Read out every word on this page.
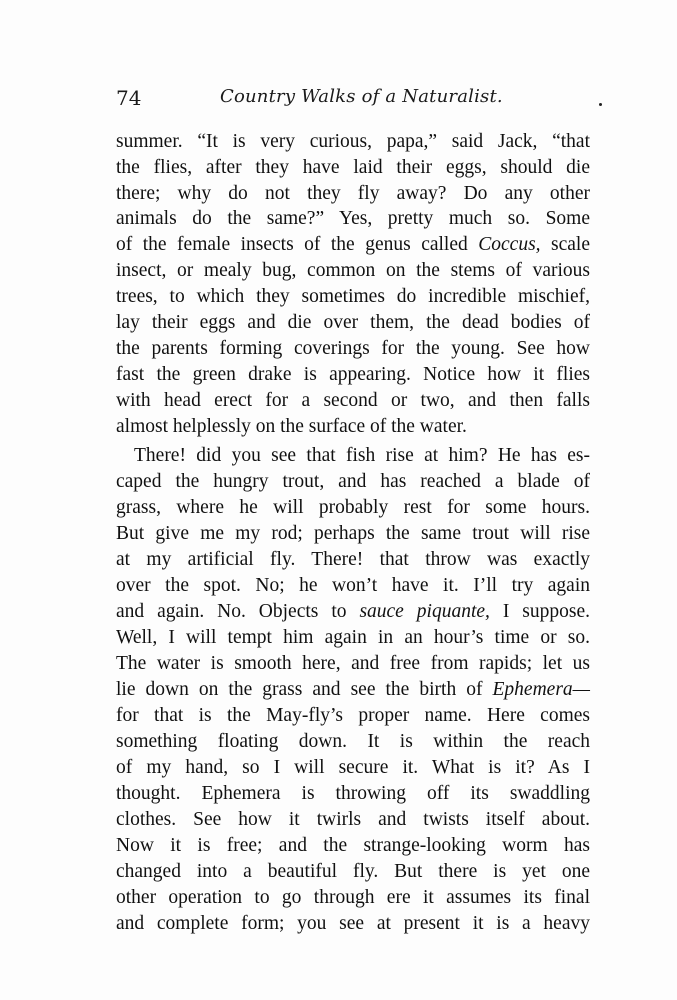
74	Country Walks of a Naturalist.
summer. “It is very curious, papa,” said Jack, “that
the flies, after they have laid their eggs, should die
there; why do not they fly away? Do any other
animals do the same?” Yes, pretty much so. Some
of the female insects of the genus called Coccus, scale
insect, or mealy bug, common on the stems of various
trees, to which they sometimes do incredible mischief,
lay their eggs and die over them, the dead bodies of
the parents forming coverings for the young. See how
fast the green drake is appearing. Notice how it flies
with head erect for a second or two, and then falls
almost helplessly on the surface of the water.
There! did you see that fish rise at him? He has es-
caped the hungry trout, and has reached a blade of
grass, where he will probably rest for some hours.
But give me my rod; perhaps the same trout will rise
at my artificial fly. There! that throw was exactly
over the spot. No; he won’t have it. I’ll try again
and again. No. Objects to sauce piquante, I suppose.
Well, I will tempt him again in an hour’s time or so.
The water is smooth here, and free from rapids; let us
lie down on the grass and see the birth of Ephemera—
for that is the May-fly’s proper name. Here comes
something floating down. It is within the reach
of my hand, so I will secure it. What is it? As I
thought. Ephemera is throwing off its swaddling
clothes. See how it twirls and twists itself about.
Now it is free; and the strange-looking worm has
changed into a beautiful fly. But there is yet one
other operation to go through ere it assumes its final
and complete form; you see at present it is a heavy
